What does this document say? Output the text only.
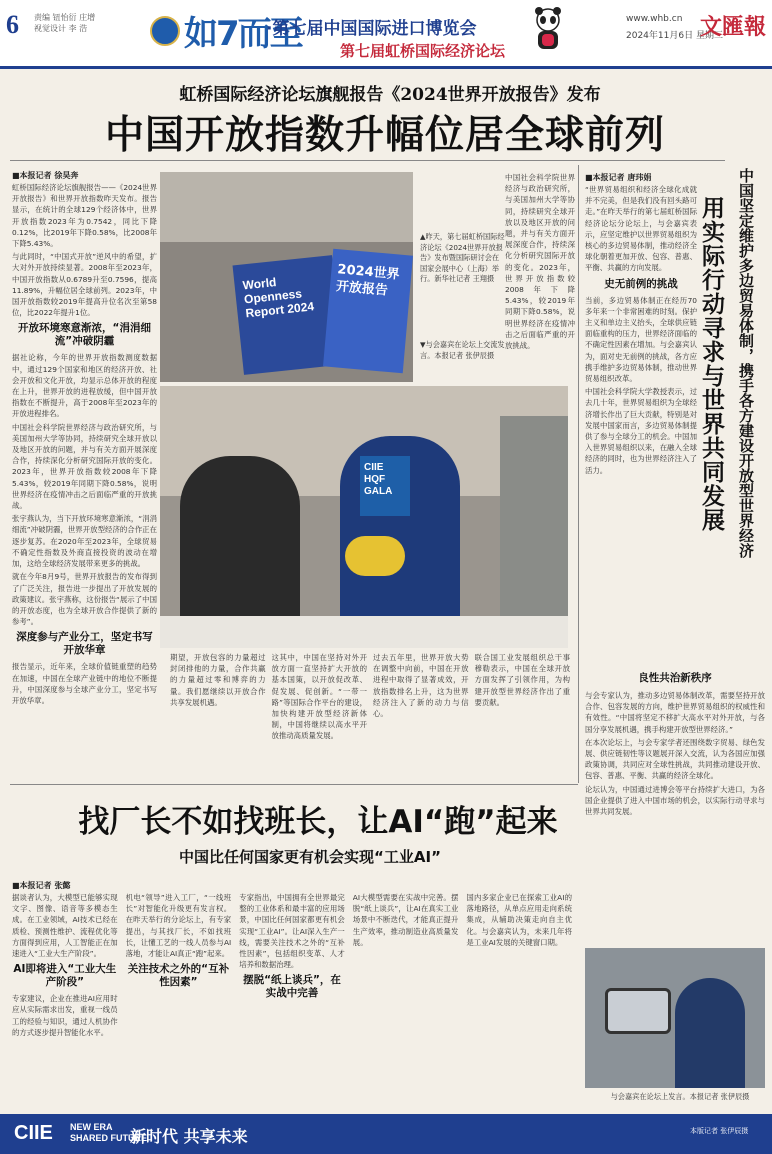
6 责编 钮怡衍 庄增
视觉设计 李 浩	如7而至
·第七届中国国际进口博览会
第七届虹桥国际经济论坛
www.whb.cn
2024年11月6日 星期三
文匯報
虹桥国际经济论坛旗舰报告《2024世界开放报告》发布
中国开放指数升幅位居全球前列
■本报记者 徐昊奔
虹桥国际经济论坛旗舰报告——《2024世界开放报告》和世界开放指数昨天发布。报告显示，在统计的全球129个经济体中，世界开放指数2023年为0.7542，同比下降0.12%，比2019年下降0.58%，比2008年下降5.43%。
与此同时，“中国式开放”逆风中的希望，扩大对外开放持续显著。2008年至2023年，中国开放指数从0.6789升至0.7596，提高11.89%，升幅位居全球前列。2023年，中国开放指数较2019年提高升位名次至第58位，比2022年提升1位。
开放环境寒意渐浓，“涓涓细流”冲破阴霾
据社论称，今年的世界开放指数测度数据中，通过129个国家和地区的经济开放、社会开放和文化开放，均显示总体开放的程度在上升，世界开放的进程放缓，但中国开放指数在不断提升，高于2008年至2023年的开放进程排名。
中国社会科学院世界经济与政治研究所，与美国加州大学等协同，持续研究全球开放以及地区开放的问题，并与有关方面开展深度合作，持续深化分析研究国际开放的变化。2023年，世界开放指数较2008年下降5.43%，较2019年同期下降0.58%，说明世界经济在疫情冲击之后面临严重的开放挑战。
张宇燕认为，当下开放环境寒意渐浓，“涓涓细流”冲破阴霾，世界开放型经济的合作正在逐步复苏。在2020年至2023年，全球贸易不确定性指数及外商直接投资的波动在增加，这给全球经济发展带来更多的挑战。
就在今年8月9号，世界开放报告的发布得到了广泛关注，报告进一步提出了开放发展的政策建议。张宇燕称，这份报告“展示了中国的开放态度，也为全球开放合作提供了新的参考”。
深度参与产业分工，坚定书写开放华章
报告显示，近年来，全球价值链重塑的趋势在加速，中国在全球产业链中的地位不断提升，中国深度参与全球产业分工，坚定书写开放华章。
World Openness Report 2024
2024世界开放报告
▲昨天，第七届虹桥国际经济论坛《2024世界开放报告》发布暨国际研讨会在国家会展中心（上海）举行。新华社记者 王翔摄
▼与会嘉宾在论坛上交流发言。本报记者 张伊辰摄
CIIE HQF GALA
期望，开放包容的力量超过封闭排他的力量，合作共赢的力量超过零和博弈的力量。我们愿继续以开放合作共享发展机遇。
这其中，中国在坚持对外开放方面一直坚持扩大开放的基本国策，以开放促改革、促发展、促创新。“一带一路”等国际合作平台的建设，加快构建开放型经济新体制，中国将继续以高水平开放推动高质量发展。
过去五年里，世界开放大势在调整中向前，中国在开放进程中取得了显著成效，开放指数排名上升，这为世界经济注入了新的动力与信心。
联合国工业发展组织总干事穆勒表示，中国在全球开放方面发挥了引领作用，为构建开放型世界经济作出了重要贡献。
中国社会科学院世界经济与政治研究所，与美国加州大学等协同，持续研究全球开放以及地区开放的问题，并与有关方面开展深度合作，持续深化分析研究国际开放的变化。2023年，世界开放指数较2008年下降5.43%，较2019年同期下降0.58%，说明世界经济在疫情冲击之后面临严重的开放挑战。
■本报记者 唐玮娟
“世界贸易组织和经济全球化成就并不完美，但是我们没有回头路可走。”在昨天举行的第七届虹桥国际经济论坛分论坛上，与会嘉宾表示，应坚定维护以世界贸易组织为核心的多边贸易体制，推动经济全球化朝着更加开放、包容、普惠、平衡、共赢的方向发展。
史无前例的挑战
当前，多边贸易体制正在经历70多年来一个非常困难的时刻。保护主义和单边主义抬头，全球供应链面临重构的压力，世界经济面临的不确定性因素在增加。与会嘉宾认为，面对史无前例的挑战，各方应携手维护多边贸易体制，推动世界贸易组织改革。
中国社会科学院大学教授表示，过去几十年，世界贸易组织为全球经济增长作出了巨大贡献，特别是对发展中国家而言，多边贸易体制提供了参与全球分工的机会。中国加入世界贸易组织以来，在融入全球经济的同时，也为世界经济注入了活力。	用实际行动寻求与世界共同发展 中国坚定维护多边贸易体制，携手各方建设开放型世界经济
良性共治新秩序
与会专家认为，推动多边贸易体制改革，需要坚持开放合作、包容发展的方向，维护世界贸易组织的权威性和有效性。“中国将坚定不移扩大高水平对外开放，与各国分享发展机遇，携手构建开放型世界经济。”
在本次论坛上，与会专家学者还围绕数字贸易、绿色发展、供应链韧性等议题展开深入交流，认为各国应加强政策协调，共同应对全球性挑战，共同推动建设开放、包容、普惠、平衡、共赢的经济全球化。
论坛认为，中国通过进博会等平台持续扩大进口，为各国企业提供了进入中国市场的机会，以实际行动寻求与世界共同发展。
找厂长不如找班长，让AI“跑”起来
中国比任何国家更有机会实现“工业AI”
■本报记者 张懿
据谈者认为，大模型已能够实现文字、图像、语音等多模态生成。在工业领域，AI技术已经在质检、预测性维护、流程优化等方面得到应用，人工智能正在加速进入“工业大生产阶段”。
AI即将进入“工业大生产阶段”
专家建议，企业在推进AI应用时应从实际需求出发，重视一线员工的经验与知识，通过人机协作的方式逐步提升智能化水平。
机电“领导”进入工厂，“一线班长”对智能化升级更有发言权。在昨天举行的分论坛上，有专家提出，与其找厂长，不如找班长，让懂工艺的一线人员参与AI落地，才能让AI真正“跑”起来。
关注技术之外的“互补性因素”
专家指出，中国拥有全世界最完整的工业体系和最丰富的应用场景，中国比任何国家都更有机会实现“工业AI”。让AI深入生产一线，需要关注技术之外的“互补性因素”，包括组织变革、人才培养和数据治理。
摆脱“纸上谈兵”，在实战中完善
AI大模型需要在实战中完善。摆脱“纸上谈兵”，让AI在真实工业场景中不断迭代，才能真正提升生产效率，推动制造业高质量发展。
国内多家企业已在探索工业AI的落地路径，从单点应用走向系统集成，从辅助决策走向自主优化。与会嘉宾认为，未来几年将是工业AI发展的关键窗口期。
与会嘉宾在论坛上发言。本报记者 张伊辰摄
CIIE NEW ERA
SHARED FUTURE
新时代 共享未来	本版记者 张伊辰摄
